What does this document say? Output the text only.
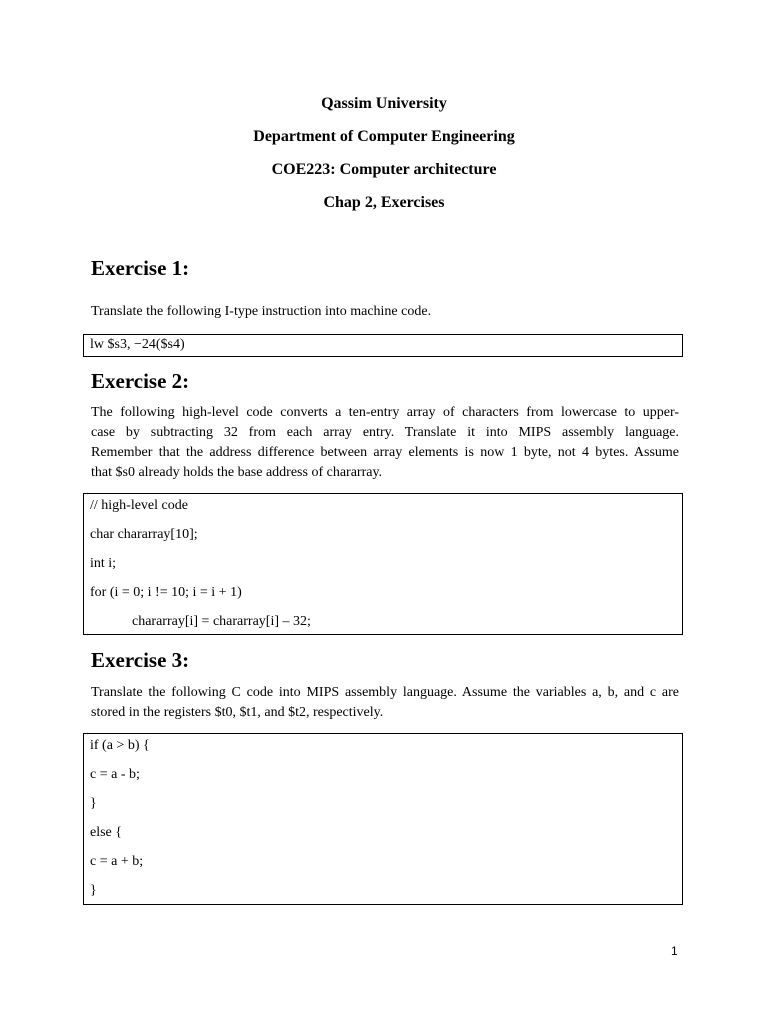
Qassim University
Department of Computer Engineering
COE223: Computer architecture
Chap 2, Exercises
Exercise 1:
Translate the following I-type instruction into machine code.
lw $s3, −24($s4)
Exercise 2:
The following high-level code converts a ten-entry array of characters from lowercase to upper-
case by subtracting 32 from each array entry. Translate it into MIPS assembly language.
Remember that the address difference between array elements is now 1 byte, not 4 bytes. Assume
that $s0 already holds the base address of chararray.
// high-level code
char chararray[10];
int i;
for (i = 0; i != 10; i = i + 1)
chararray[i] = chararray[i] – 32;
Exercise 3:
Translate the following C code into MIPS assembly language. Assume the variables a, b, and c are
stored in the registers $t0, $t1, and $t2, respectively.
if (a > b) {
c = a - b;
}
else {
c = a + b;
}
1
